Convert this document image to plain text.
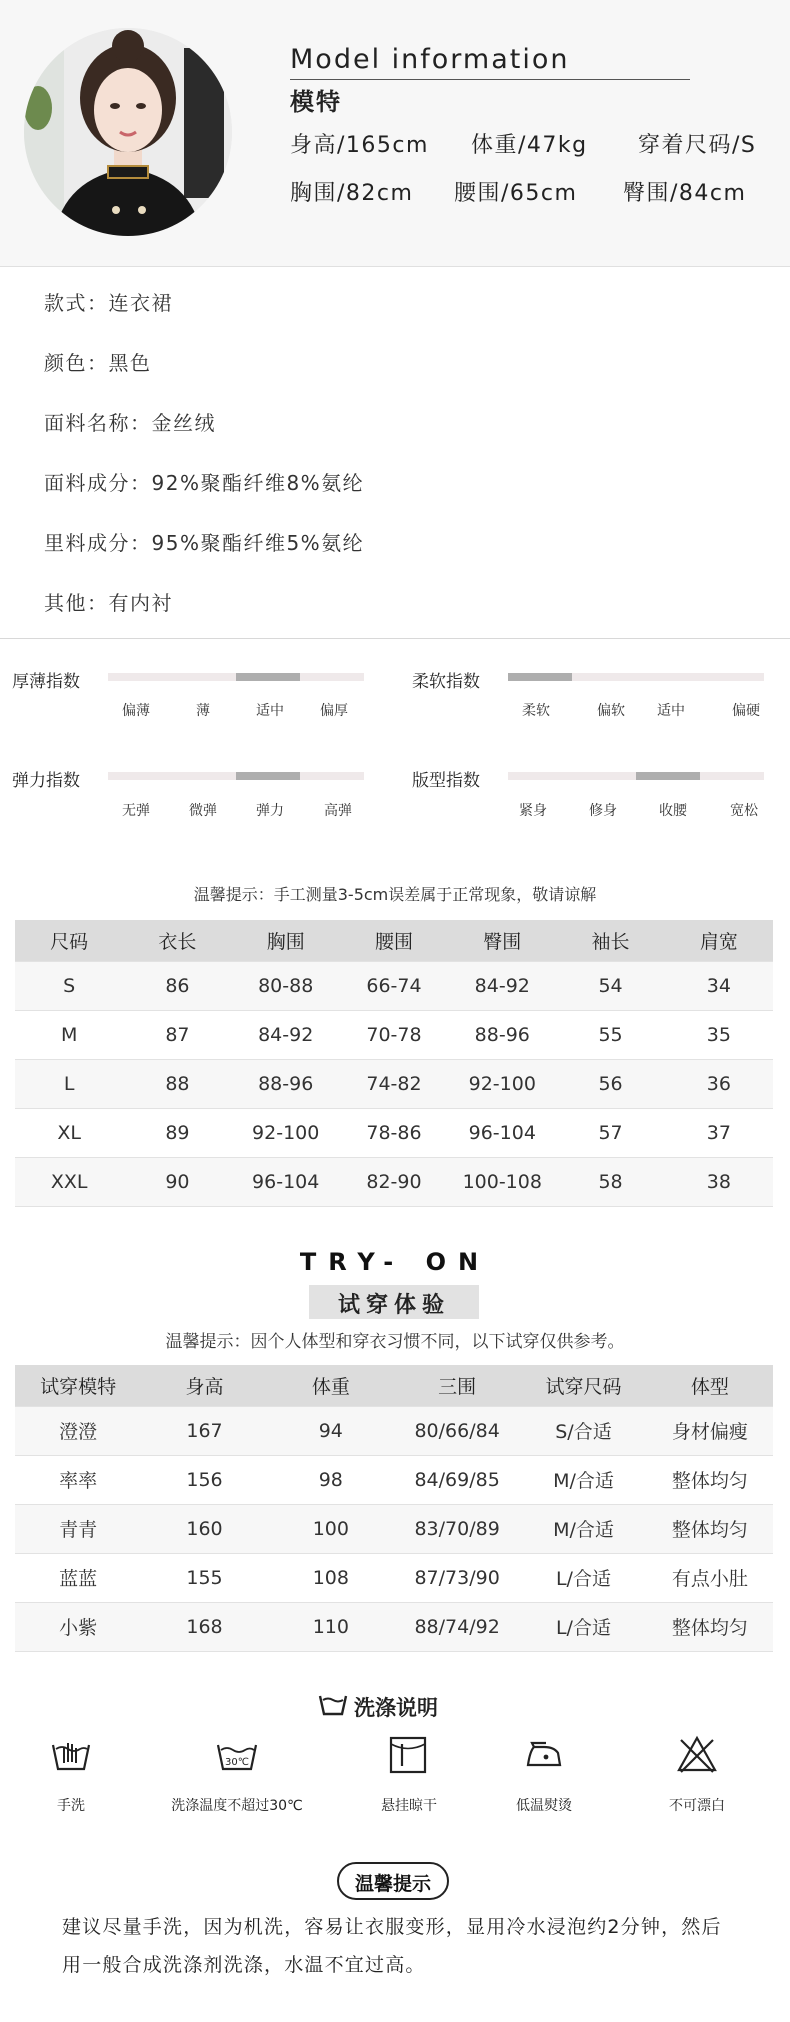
Model information
模特
身高/165cm 体重/47kg 穿着尺码/S
胸围/82cm 腰围/65cm 臀围/84cm
款式：连衣裙
颜色：黑色
面料名称：金丝绒
面料成分：92%聚酯纤维8%氨纶
里料成分：95%聚酯纤维5%氨纶
其他：有内衬
厚薄指数
偏薄	薄	适中	偏厚
柔软指数
柔软	偏软 适中	偏硬
弹力指数
无弹	微弹	弹力	高弹
版型指数
紧身	修身	收腰	宽松
温馨提示：手工测量3-5cm误差属于正常现象，敬请谅解
尺码	衣长	胸围	腰围	臀围	袖长	肩宽
S	86	80-88	66-74	84-92	54	34
M	87	84-92	70-78	88-96	55	35
L	88	88-96	74-82	92-100	56	36
XL	89	92-100	78-86	96-104	57	37
XXL	90	96-104	82-90	100-108	58	38
TRY- ON
试穿体验
温馨提示：因个人体型和穿衣习惯不同，以下试穿仅供参考。
试穿模特	身高	体重	三围	试穿尺码	体型
澄澄	167	94	80/66/84	S/合适	身材偏瘦
率率	156	98	84/69/85	M/合适	整体均匀
青青	160	100	83/70/89	M/合适	整体均匀
蓝蓝	155	108	87/73/90	L/合适	有点小肚
小紫	168	110	88/74/92	L/合适	整体均匀
洗涤说明
手洗
30℃
洗涤温度不超过30℃	悬挂晾干	低温熨烫	不可漂白
温馨提示
建议尽量手洗，因为机洗，容易让衣服变形，显用冷水浸泡约2分钟，然后
用一般合成洗涤剂洗涤，水温不宜过高。
